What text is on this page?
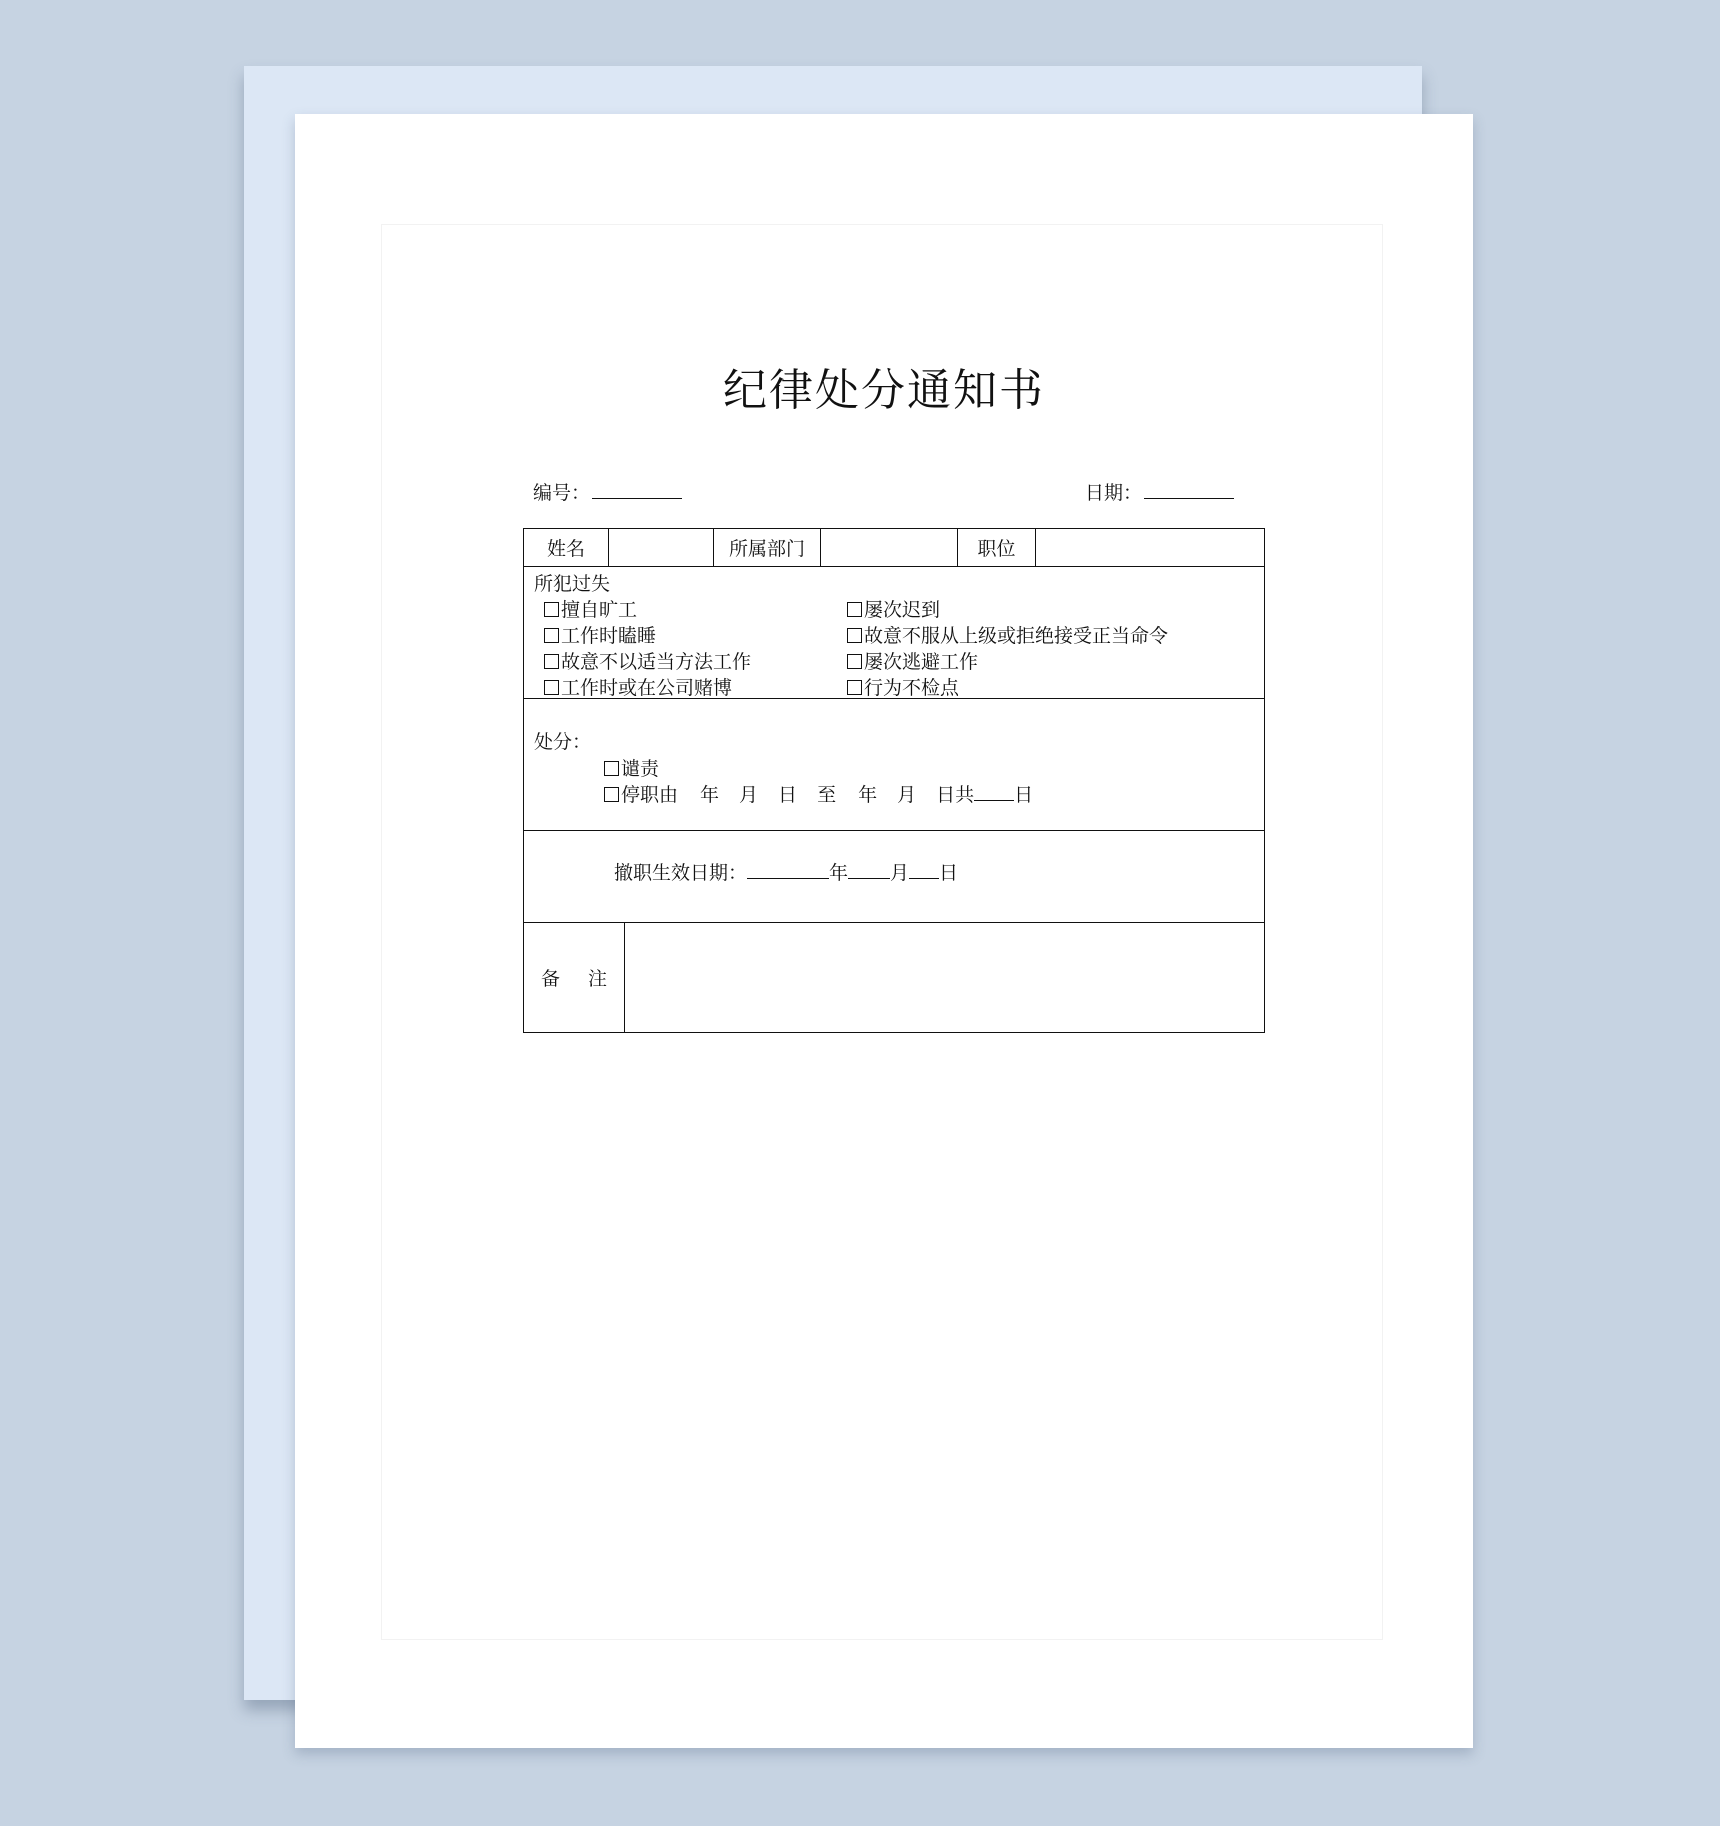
纪律处分通知书
编号：	日期：
姓名	所属部门	职位
所犯过失
擅自旷工	屡次迟到
工作时瞌睡	故意不服从上级或拒绝接受正当命令
故意不以适当方法工作	屡次逃避工作
工作时或在公司赌博	行为不检点
处分：
谴责
停职由 年 月 日 至 年 月 日共 日
撤职生效日期：	年 月 日
备 注
